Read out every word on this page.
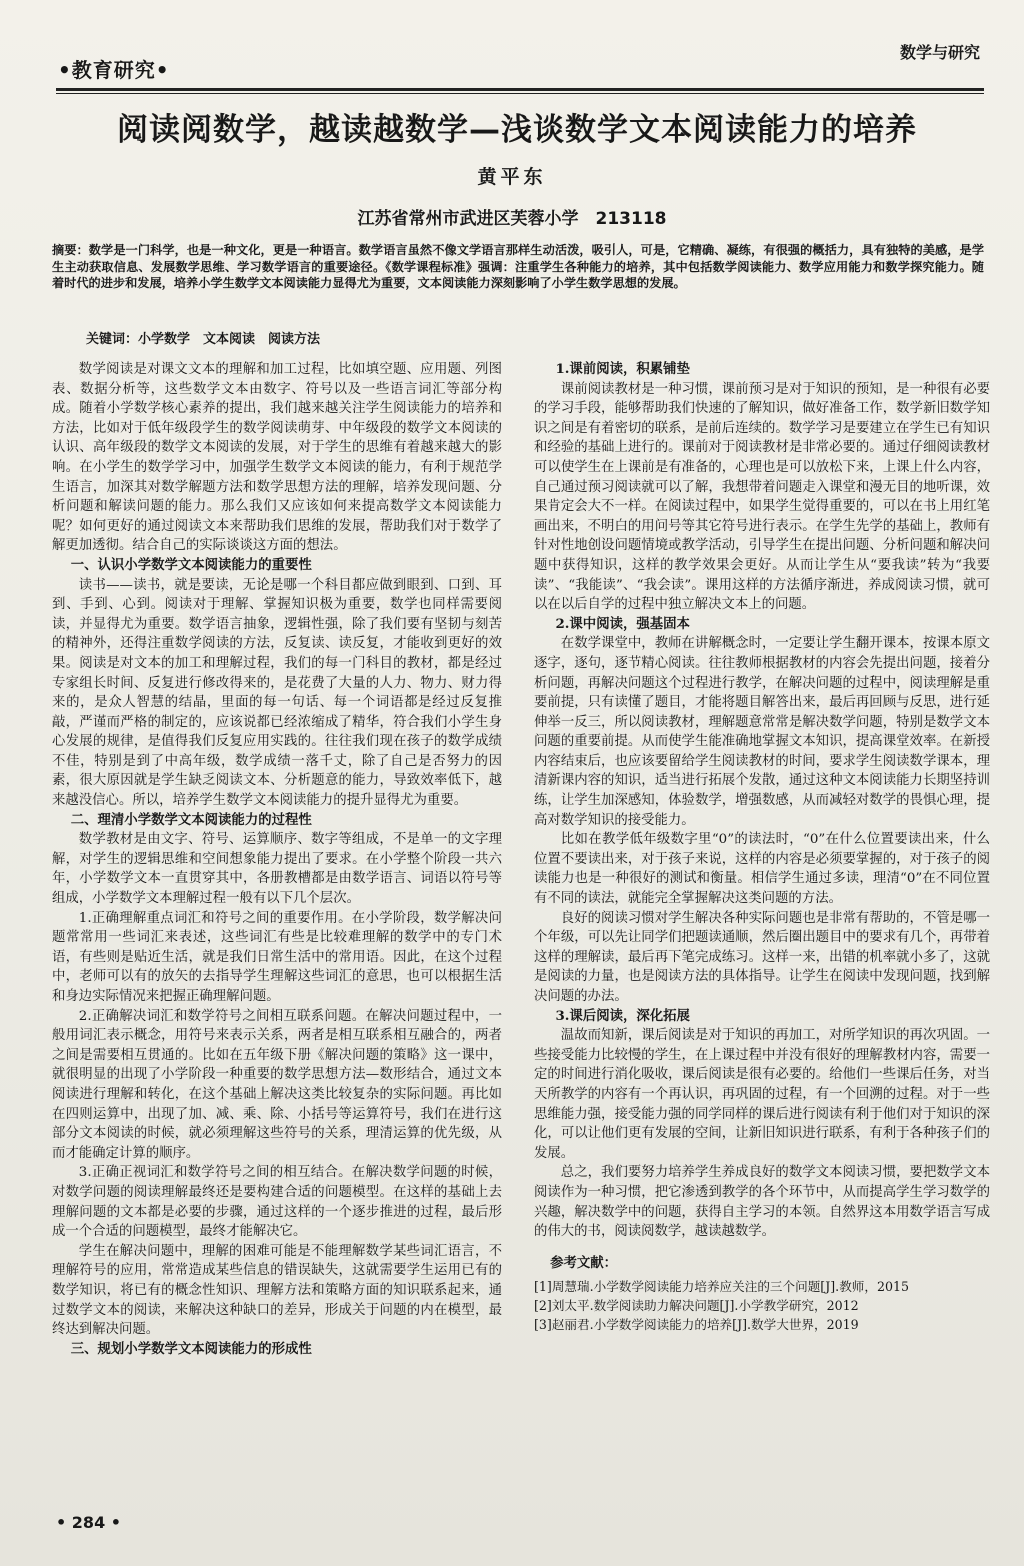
•教育研究•
数学与研究
阅读阅数学，越读越数学—浅谈数学文本阅读能力的培养
黄平东
江苏省常州市武进区芙蓉小学　213118
摘要：数学是一门科学，也是一种文化，更是一种语言。数学语言虽然不像文学语言那样生动活泼，吸引人，可是，它精确、凝练，有很强的概括力，具有独特的美感，是学生主动获取信息、发展数学思维、学习数学语言的重要途径。《数学课程标准》强调：注重学生各种能力的培养，其中包括数学阅读能力、数学应用能力和数学探究能力。随着时代的进步和发展，培养小学生数学文本阅读能力显得尤为重要，文本阅读能力深刻影响了小学生数学思想的发展。
关键词：小学数学　文本阅读　阅读方法

数学阅读是对课文文本的理解和加工过程，比如填空题、应用题、列图表、数据分析等，这些数学文本由数字、符号以及一些语言词汇等部分构成。随着小学数学核心素养的提出，我们越来越关注学生阅读能力的培养和方法，比如对于低年级段学生的数学阅读萌芽、中年级段的数学文本阅读的认识、高年级段的数学文本阅读的发展，对于学生的思维有着越来越大的影响。在小学生的数学学习中，加强学生数学文本阅读的能力，有利于规范学生语言，加深其对数学解题方法和数学思想方法的理解，培养发现问题、分析问题和解读问题的能力。那么我们又应该如何来提高数学文本阅读能力呢？如何更好的通过阅读文本来帮助我们思维的发展，帮助我们对于数学了解更加透彻。结合自己的实际谈谈这方面的想法。

一、认识小学数学文本阅读能力的重要性

读书——读书，就是要读，无论是哪一个科目都应做到眼到、口到、耳到、手到、心到。阅读对于理解、掌握知识极为重要，数学也同样需要阅读，并显得尤为重要。数学语言抽象，逻辑性强，除了我们要有坚韧与刻苦的精神外，还得注重数学阅读的方法，反复读、读反复，才能收到更好的效果。阅读是对文本的加工和理解过程，我们的每一门科目的教材，都是经过专家组长时间、反复进行修改得来的，是花费了大量的人力、物力、财力得来的，是众人智慧的结晶，里面的每一句话、每一个词语都是经过反复推敲，严谨而严格的制定的，应该说都已经浓缩成了精华，符合我们小学生身心发展的规律，是值得我们反复应用实践的。往往我们现在孩子的数学成绩不佳，特别是到了中高年级，数学成绩一落千丈，除了自己是否努力的因素，很大原因就是学生缺乏阅读文本、分析题意的能力，导致效率低下，越来越没信心。所以，培养学生数学文本阅读能力的提升显得尤为重要。

二、理清小学数学文本阅读能力的过程性

数学教材是由文字、符号、运算顺序、数字等组成，不是单一的文字理解，对学生的逻辑思维和空间想象能力提出了要求。在小学整个阶段一共六年，小学数学文本一直贯穿其中，各册教槽都是由数学语言、词语以符号等组成，小学数学文本理解过程一般有以下几个层次。

1.正确理解重点词汇和符号之间的重要作用。在小学阶段，数学解决问题常常用一些词汇来表述，这些词汇有些是比较难理解的数学中的专门术语，有些则是贴近生活，就是我们日常生活中的常用语。因此，在这个过程中，老师可以有的放矢的去指导学生理解这些词汇的意思，也可以根据生活和身边实际情况来把握正确理解问题。

2.正确解决词汇和数学符号之间相互联系问题。在解决问题过程中，一般用词汇表示概念，用符号来表示关系，两者是相互联系相互融合的，两者之间是需要相互贯通的。比如在五年级下册《解决问题的策略》这一课中，就很明显的出现了小学阶段一种重要的数学思想方法—数形结合，通过文本阅读进行理解和转化，在这个基础上解决这类比较复杂的实际问题。再比如在四则运算中，出现了加、减、乘、除、小括号等运算符号，我们在进行这部分文本阅读的时候，就必须理解这些符号的关系，理清运算的优先级，从而才能确定计算的顺序。

3.正确正视词汇和数学符号之间的相互结合。在解决数学问题的时候，对数学问题的阅读理解最终还是要构建合适的问题模型。在这样的基础上去理解问题的文本都是必要的步骤，通过这样的一个逐步推进的过程，最后形成一个合适的问题模型，最终才能解决它。

学生在解决问题中，理解的困难可能是不能理解数学某些词汇语言，不理解符号的应用，常常造成某些信息的错误缺失，这就需要学生运用已有的数学知识，将已有的概念性知识、理解方法和策略方面的知识联系起来，通过数学文本的阅读，来解决这种缺口的差异，形成关于问题的内在模型，最终达到解决问题。

三、规划小学数学文本阅读能力的形成性
1.课前阅读，积累铺垫

课前阅读教材是一种习惯，课前预习是对于知识的预知，是一种很有必要的学习手段，能够帮助我们快速的了解知识，做好准备工作，数学新旧数学知识之间是有着密切的联系，是前后连续的。数学学习是要建立在学生已有知识和经验的基础上进行的。课前对于阅读教材是非常必要的。通过仔细阅读教材可以使学生在上课前是有准备的，心理也是可以放松下来，上课上什么内容，自己通过预习阅读就可以了解，我想带着问题走入课堂和漫无目的地听课，效果肯定会大不一样。在阅读过程中，如果学生觉得重要的，可以在书上用红笔画出来，不明白的用问号等其它符号进行表示。在学生先学的基础上，教师有针对性地创设问题情境或教学活动，引导学生在提出问题、分析问题和解决问题中获得知识，这样的教学效果会更好。从而让学生从“要我读”转为“我要读”、“我能读”、“我会读”。课用这样的方法循序渐进，养成阅读习惯，就可以在以后自学的过程中独立解决文本上的问题。

2.课中阅读，强基固本

在数学课堂中，教师在讲解概念时，一定要让学生翻开课本，按课本原文逐字，逐句，逐节精心阅读。往往教师根据教材的内容会先提出问题，接着分析问题，再解决问题这个过程进行教学，在解决问题的过程中，阅读理解是重要前提，只有读懂了题目，才能将题目解答出来，最后再回顾与反思，进行延伸举一反三，所以阅读教材，理解题意常常是解决数学问题，特别是数学文本问题的重要前提。从而使学生能准确地掌握文本知识，提高课堂效率。在新授内容结束后，也应该要留给学生阅读教材的时间，要求学生阅读数学课本，理清新课内容的知识，适当进行拓展个发散，通过这种文本阅读能力长期坚持训练，让学生加深感知，体验数学，增强数感，从而减轻对数学的畏惧心理，提高对数学知识的接受能力。

比如在教学低年级数字里“0”的读法时，“0”在什么位置要读出来，什么位置不要读出来，对于孩子来说，这样的内容是必须要掌握的，对于孩子的阅读能力也是一种很好的测试和衡量。相信学生通过多读，理清“0”在不同位置有不同的读法，就能完全掌握解决这类问题的方法。

良好的阅读习惯对学生解决各种实际问题也是非常有帮助的，不管是哪一个年级，可以先让同学们把题读通顺，然后圈出题目中的要求有几个，再带着这样的理解读，最后再下笔完成练习。这样一来，出错的机率就小多了，这就是阅读的力量，也是阅读方法的具体指导。让学生在阅读中发现问题，找到解决问题的办法。

3.课后阅读，深化拓展

温故而知新，课后阅读是对于知识的再加工，对所学知识的再次巩固。一些接受能力比较慢的学生，在上课过程中并没有很好的理解教材内容，需要一定的时间进行消化吸收，课后阅读是很有必要的。给他们一些课后任务，对当天所教学的内容有一个再认识，再巩固的过程，有一个回溯的过程。对于一些思维能力强，接受能力强的同学同样的课后进行阅读有利于他们对于知识的深化，可以让他们更有发展的空间，让新旧知识进行联系，有利于各种孩子们的发展。

总之，我们要努力培养学生养成良好的数学文本阅读习惯，要把数学文本阅读作为一种习惯，把它渗透到教学的各个环节中，从而提高学生学习数学的兴趣，解决数学中的问题，获得自主学习的本领。自然界这本用数学语言写成的伟大的书，阅读阅数学，越读越数学。

参考文献：

[1]周慧瑞.小学数学阅读能力培养应关注的三个问题[J].教师，2015

[2]刘太平.数学阅读助力解决问题[J].小学教学研究，2012

[3]赵丽君.小学数学阅读能力的培养[J].数学大世界，2019

• 284 •
